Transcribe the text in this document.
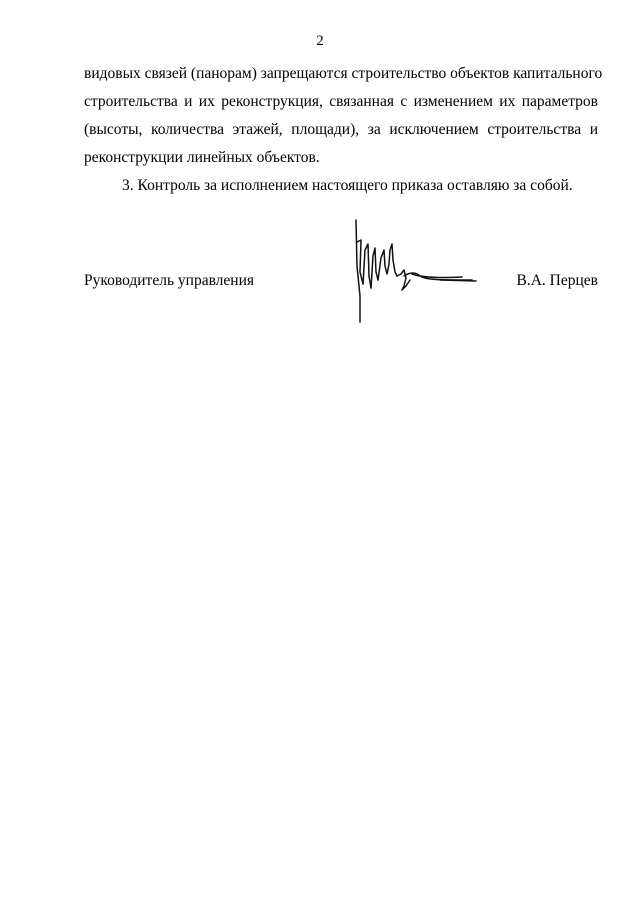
2

видовых связей (панорам) запрещаются строительство объектов капитального
строительства и их реконструкция, связанная с изменением их параметров
(высоты, количества этажей, площади), за исключением строительства и
реконструкции линейных объектов.

3. Контроль за исполнением настоящего приказа оставляю за собой.

Руководитель управления	В.А. Перцев
